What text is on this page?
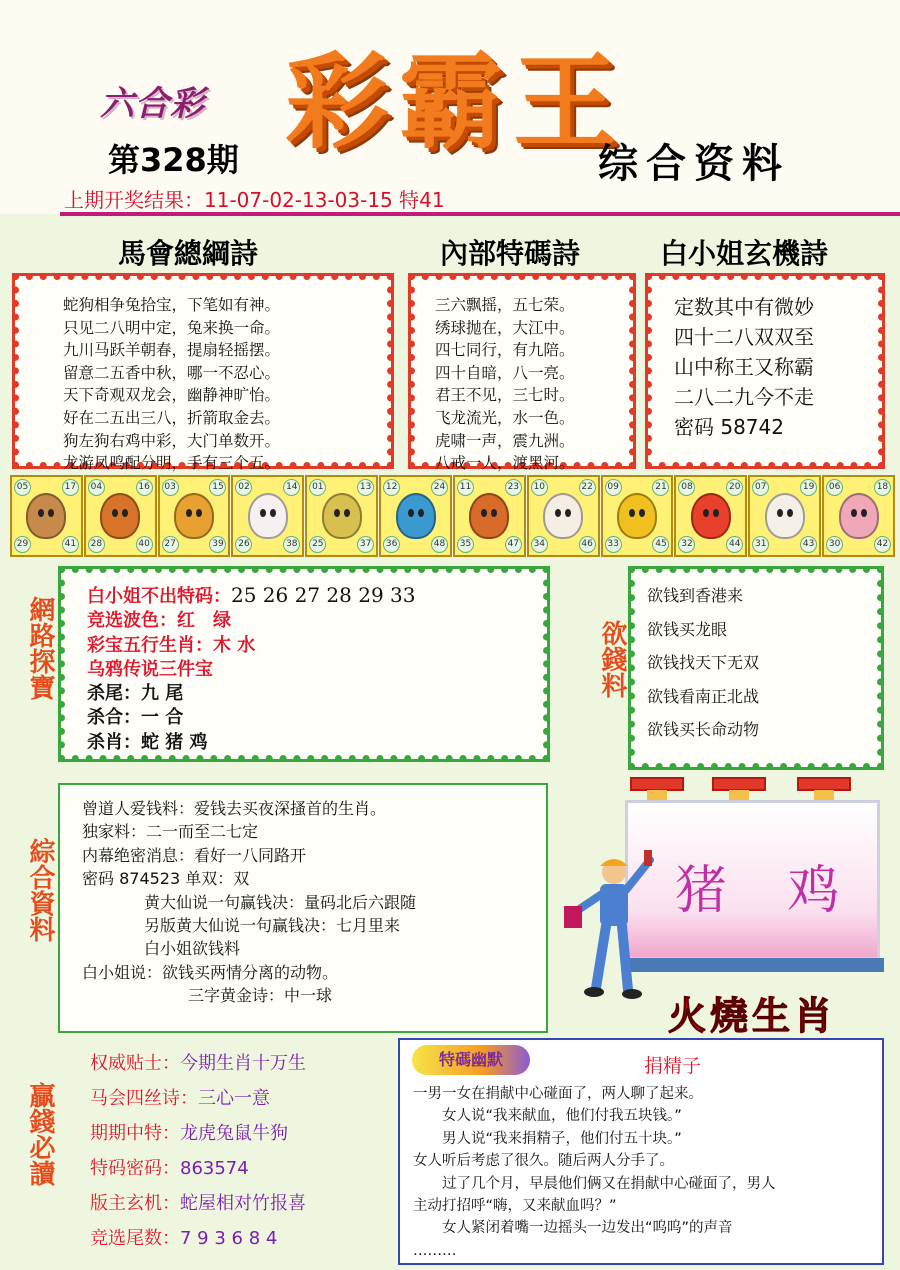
六合彩 彩霸王
第328期	综合资料
上期开奖结果：11-07-02-13-03-15 特41
馬會總綱詩	內部特碼詩	白小姐玄機詩
蛇狗相争兔拾宝，下笔如有神。
只见二八明中定，兔来换一命。
九川马跃羊朝春，提扇轻摇摆。
留意二五香中秋，哪一不忍心。
天下奇观双龙会，幽静神旷怡。
好在二五出三八，折箭取金去。
狗左狗右鸡中彩，大门单数开。
龙游凤鸣配分明，手有三个五。
三六飘摇，五七荣。
绣球抛在，大江中。
四七同行，有九陪。
四十自暗，八一亮。
君王不见，三七时。
飞龙流光，水一色。
虎啸一声，震九洲。
八戒一人，渡黑河。
定数其中有微妙
四十二八双双至
山中称王又称霸
二八二九今不走
密码 58742
05	17
29	41
04	16
28	40
03	15
27	39
02	14
26	38
01	13
25	37
12	24
36	48
11	23
35	47
10	22
34	46
09	21
33	45
08	20
32	44
07	19
31	43
06	18
30	42
網路探寶	欲錢料
綜合資料
贏錢必讀
白小姐不出特码：25 26 27 28 29 33
竞选波色：红　绿
彩宝五行生肖：木 水
乌鸦传说三件宝
杀尾：九 尾
杀合：一 合
杀肖：蛇 猪 鸡
欲钱到香港来
欲钱买龙眼
欲钱找天下无双
欲钱看南正北战
欲钱买长命动物
曾道人爱钱料：爱钱去买夜深搔首的生肖。
独家料：二一而至二七定
内幕绝密消息：看好一八同路开
密码 874523 单双：双
黄大仙说一句赢钱决：量码北后六跟随
另版黄大仙说一句赢钱决：七月里来
白小姐欲钱料
白小姐说：欲钱买两情分离的动物。
三字黄金诗：中一球
猪 鸡
火燒生肖
权威贴士：今期生肖十万生
马会四丝诗：三心一意
期期中特：龙虎兔鼠牛狗
特码密码：863574
版主玄机：蛇屋相对竹报喜
竞选尾数：7 9 3 6 8 4
特碼幽默	捐精子
一男一女在捐献中心碰面了，两人聊了起来。
　　女人说“我来献血，他们付我五块钱。”
　　男人说“我来捐精子，他们付五十块。”
女人听后考虑了很久。随后两人分手了。
　　过了几个月，早晨他们俩又在捐献中心碰面了，男人
主动打招呼“嗨，又来献血吗？”
　　女人紧闭着嘴一边摇头一边发出“呜呜”的声音
………
